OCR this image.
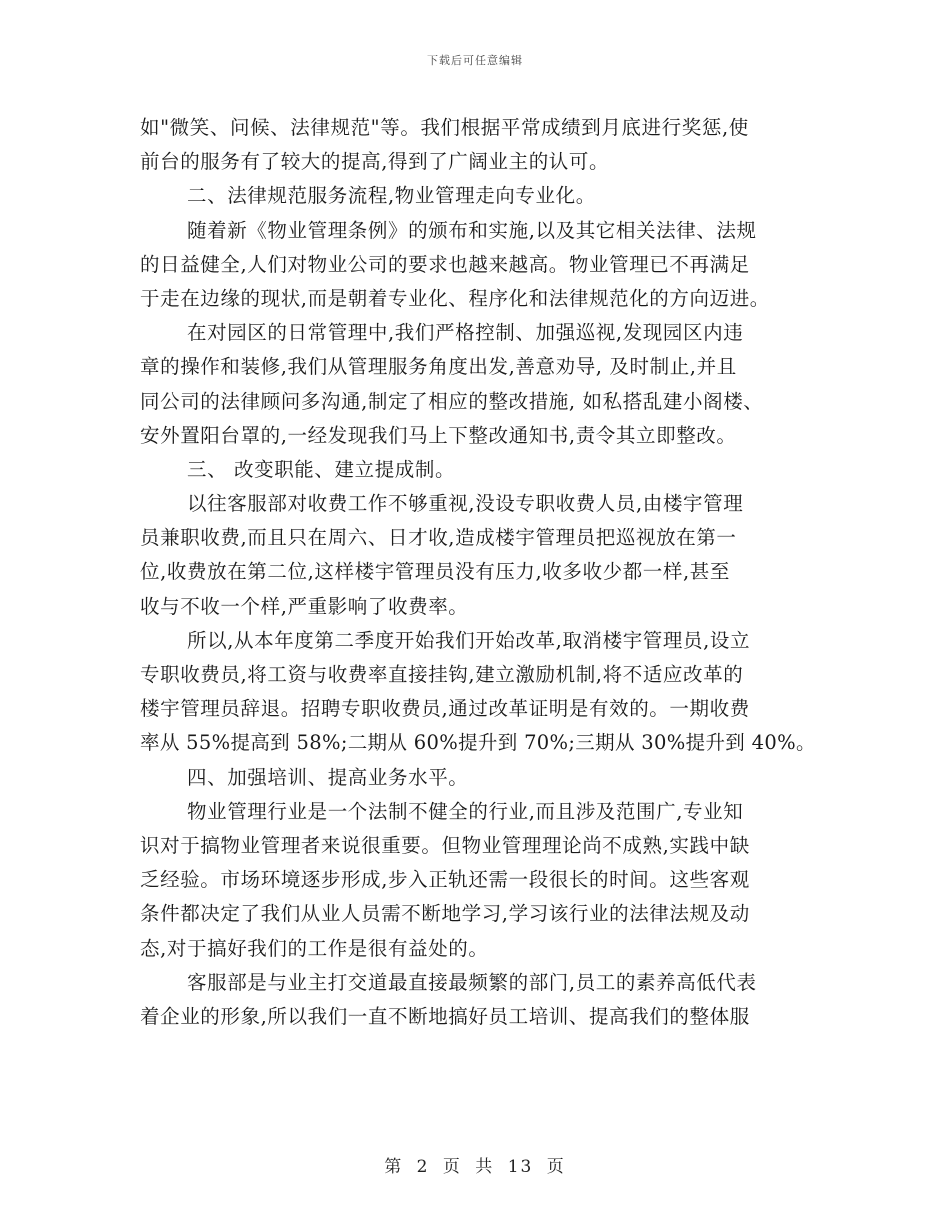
下载后可任意编辑
如"微笑、问候、法律规范"等。我们根据平常成绩到月底进行奖惩,使
前台的服务有了较大的提高,得到了广阔业主的认可。
二、法律规范服务流程,物业管理走向专业化。
随着新《物业管理条例》的颁布和实施,以及其它相关法律、法规
的日益健全,人们对物业公司的要求也越来越高。物业管理已不再满足
于走在边缘的现状,而是朝着专业化、程序化和法律规范化的方向迈进。
在对园区的日常管理中,我们严格控制、加强巡视,发现园区内违
章的操作和装修,我们从管理服务角度出发,善意劝导, 及时制止,并且
同公司的法律顾问多沟通,制定了相应的整改措施, 如私搭乱建小阁楼、
安外置阳台罩的,一经发现我们马上下整改通知书,责令其立即整改。
三、 改变职能、建立提成制。
以往客服部对收费工作不够重视,没设专职收费人员,由楼宇管理
员兼职收费,而且只在周六、日才收,造成楼宇管理员把巡视放在第一
位,收费放在第二位,这样楼宇管理员没有压力,收多收少都一样,甚至
收与不收一个样,严重影响了收费率。
所以,从本年度第二季度开始我们开始改革,取消楼宇管理员,设立
专职收费员,将工资与收费率直接挂钩,建立激励机制,将不适应改革的
楼宇管理员辞退。招聘专职收费员,通过改革证明是有效的。一期收费
率从 55%提高到 58%;二期从 60%提升到 70%;三期从 30%提升到 40%。
四、加强培训、提高业务水平。
物业管理行业是一个法制不健全的行业,而且涉及范围广,专业知
识对于搞物业管理者来说很重要。但物业管理理论尚不成熟,实践中缺
乏经验。市场环境逐步形成,步入正轨还需一段很长的时间。这些客观
条件都决定了我们从业人员需不断地学习,学习该行业的法律法规及动
态,对于搞好我们的工作是很有益处的。
客服部是与业主打交道最直接最频繁的部门,员工的素养高低代表
着企业的形象,所以我们一直不断地搞好员工培训、提高我们的整体服
第 2 页 共 13 页
